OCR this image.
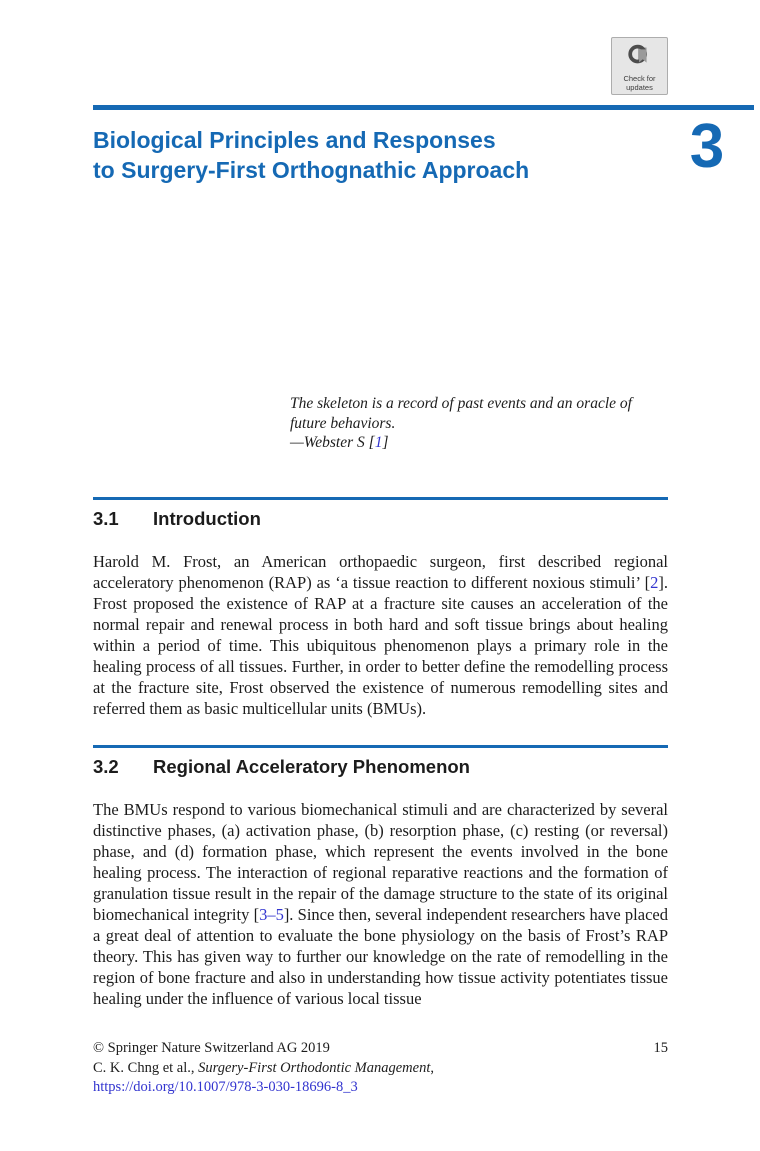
Check for
updates
Biological Principles and Responses
to Surgery-First Orthognathic Approach	3
The skeleton is a record of past events and an oracle of future behaviors.
—Webster S [1]
3.1	Introduction
Harold M. Frost, an American orthopaedic surgeon, first described regional acceleratory phenomenon (RAP) as ‘a tissue reaction to different noxious stimuli’ [2]. Frost proposed the existence of RAP at a fracture site causes an acceleration of the normal repair and renewal process in both hard and soft tissue brings about healing within a period of time. This ubiquitous phenomenon plays a primary role in the healing process of all tissues. Further, in order to better define the remodelling process at the fracture site, Frost observed the existence of numerous remodelling sites and referred them as basic multicellular units (BMUs).
3.2	Regional Acceleratory Phenomenon
The BMUs respond to various biomechanical stimuli and are characterized by several distinctive phases, (a) activation phase, (b) resorption phase, (c) resting (or reversal) phase, and (d) formation phase, which represent the events involved in the bone healing process. The interaction of regional reparative reactions and the formation of granulation tissue result in the repair of the damage structure to the state of its original biomechanical integrity [3–5]. Since then, several independent researchers have placed a great deal of attention to evaluate the bone physiology on the basis of Frost’s RAP theory. This has given way to further our knowledge on the rate of remodelling in the region of bone fracture and also in understanding how tissue activity potentiates tissue healing under the influence of various local tissue
© Springer Nature Switzerland AG 2019
C. K. Chng et al., Surgery-First Orthodontic Management,
https://doi.org/10.1007/978-3-030-18696-8_3
15
